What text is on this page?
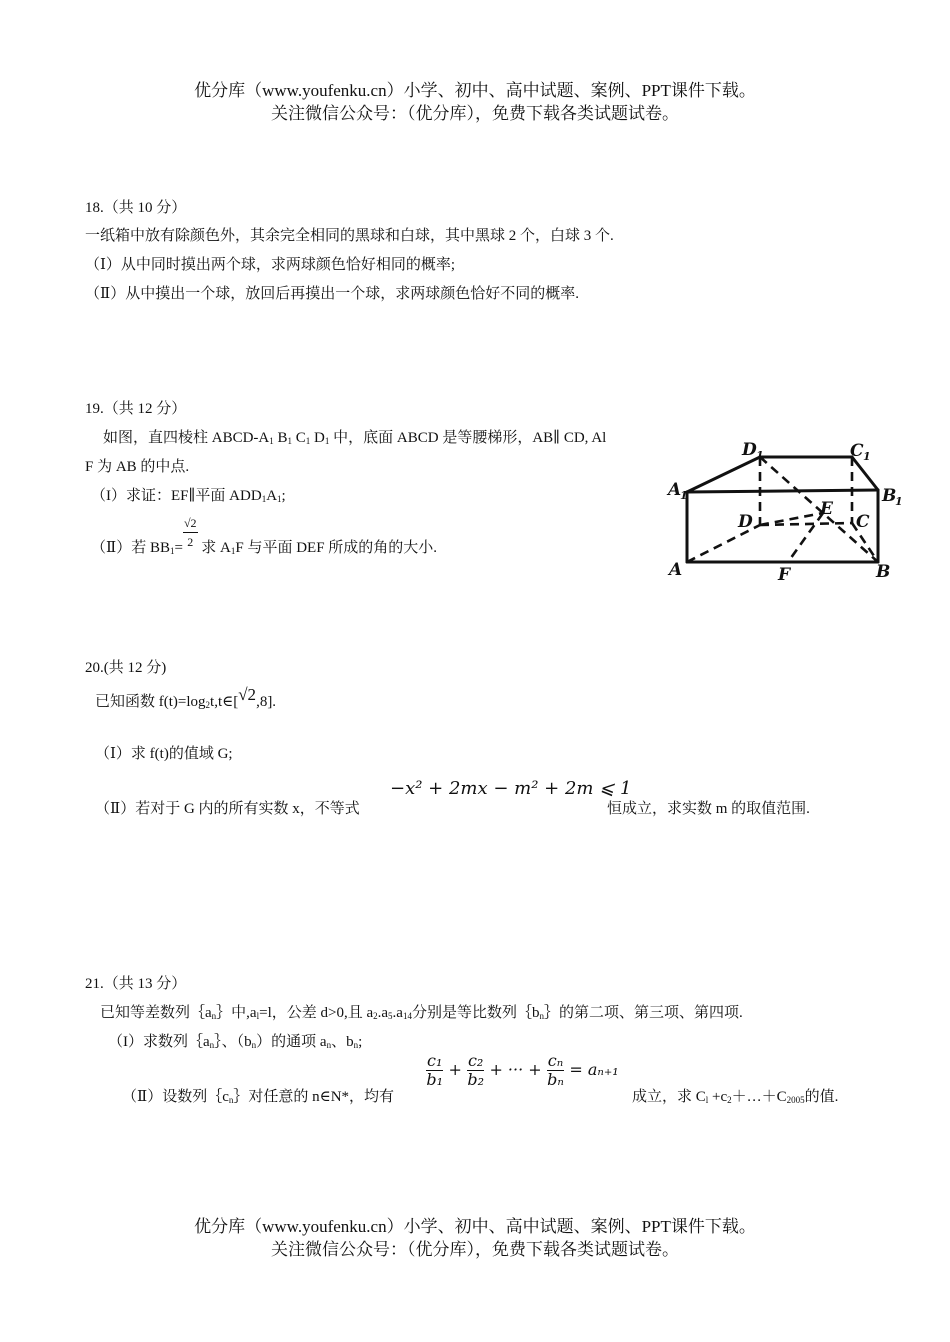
优分库（www.youfenku.cn）小学、初中、高中试题、案例、PPT课件下载。
关注微信公众号：（优分库），免费下载各类试题试卷。
18.（共 10 分）
一纸箱中放有除颜色外，其余完全相同的黑球和白球，其中黑球 2 个，白球 3 个.
（Ⅰ）从中同时摸出两个球，求两球颜色恰好相同的概率;
（Ⅱ）从中摸出一个球，放回后再摸出一个球，求两球颜色恰好不同的概率.
19.（共 12 分）
如图，直四棱柱 ABCD-$A_1$ $B_1$ $C_1$ $D_1$ 中，底面 ABCD 是等腰梯形，AB∥ CD, Al
F 为 AB 的中点.
（I）求证：EF∥平面 $ADD_1A_1$;
（Ⅱ）若 $BB_1= \frac{√2}{2}$ 求 $A_1F$ 与平面 DEF 所成的角的大小.
D 1	C 1
A
1	B
1
D	C
E
A	B
F
20.(共 12 分)
已知函数 $f(t)=\log_2t,t\in[√2,8]$.
（Ⅰ）求 f(t)的值域 G;
（Ⅱ）若对于 G 内的所有实数 x，不等式
−x² + 2mx − m² + 2m ⩽ 1
恒成立，求实数 m 的取值范围.
21.（共 13 分）
已知等差数列$\{a_n\}$中$,a_l=l$，公差 d>0,且 $a_2.a_5.a_{14}$分别是等比数列$\{b_n\}$的第二项、第三项、第四项.
（I）求数列$\{a_n\}$、$(b_n)$的通项 $a_n$、$b_n$;
（Ⅱ）设数列$\{c_n\}$对任意的 n∈N*，均有
$\frac{\text{c₁}}{\text{b₁}} + \frac{\text{c₂}}{\text{b₂}}$ + ··· + $\frac{\text{cₙ}}{\text{bₙ}} = a_{n+1}$
成立，求 $C_l$ $+c_2+\dots+C_{2005}$的值.
优分库（www.youfenku.cn）小学、初中、高中试题、案例、PPT课件下载。
关注微信公众号：（优分库），免费下载各类试题试卷。
